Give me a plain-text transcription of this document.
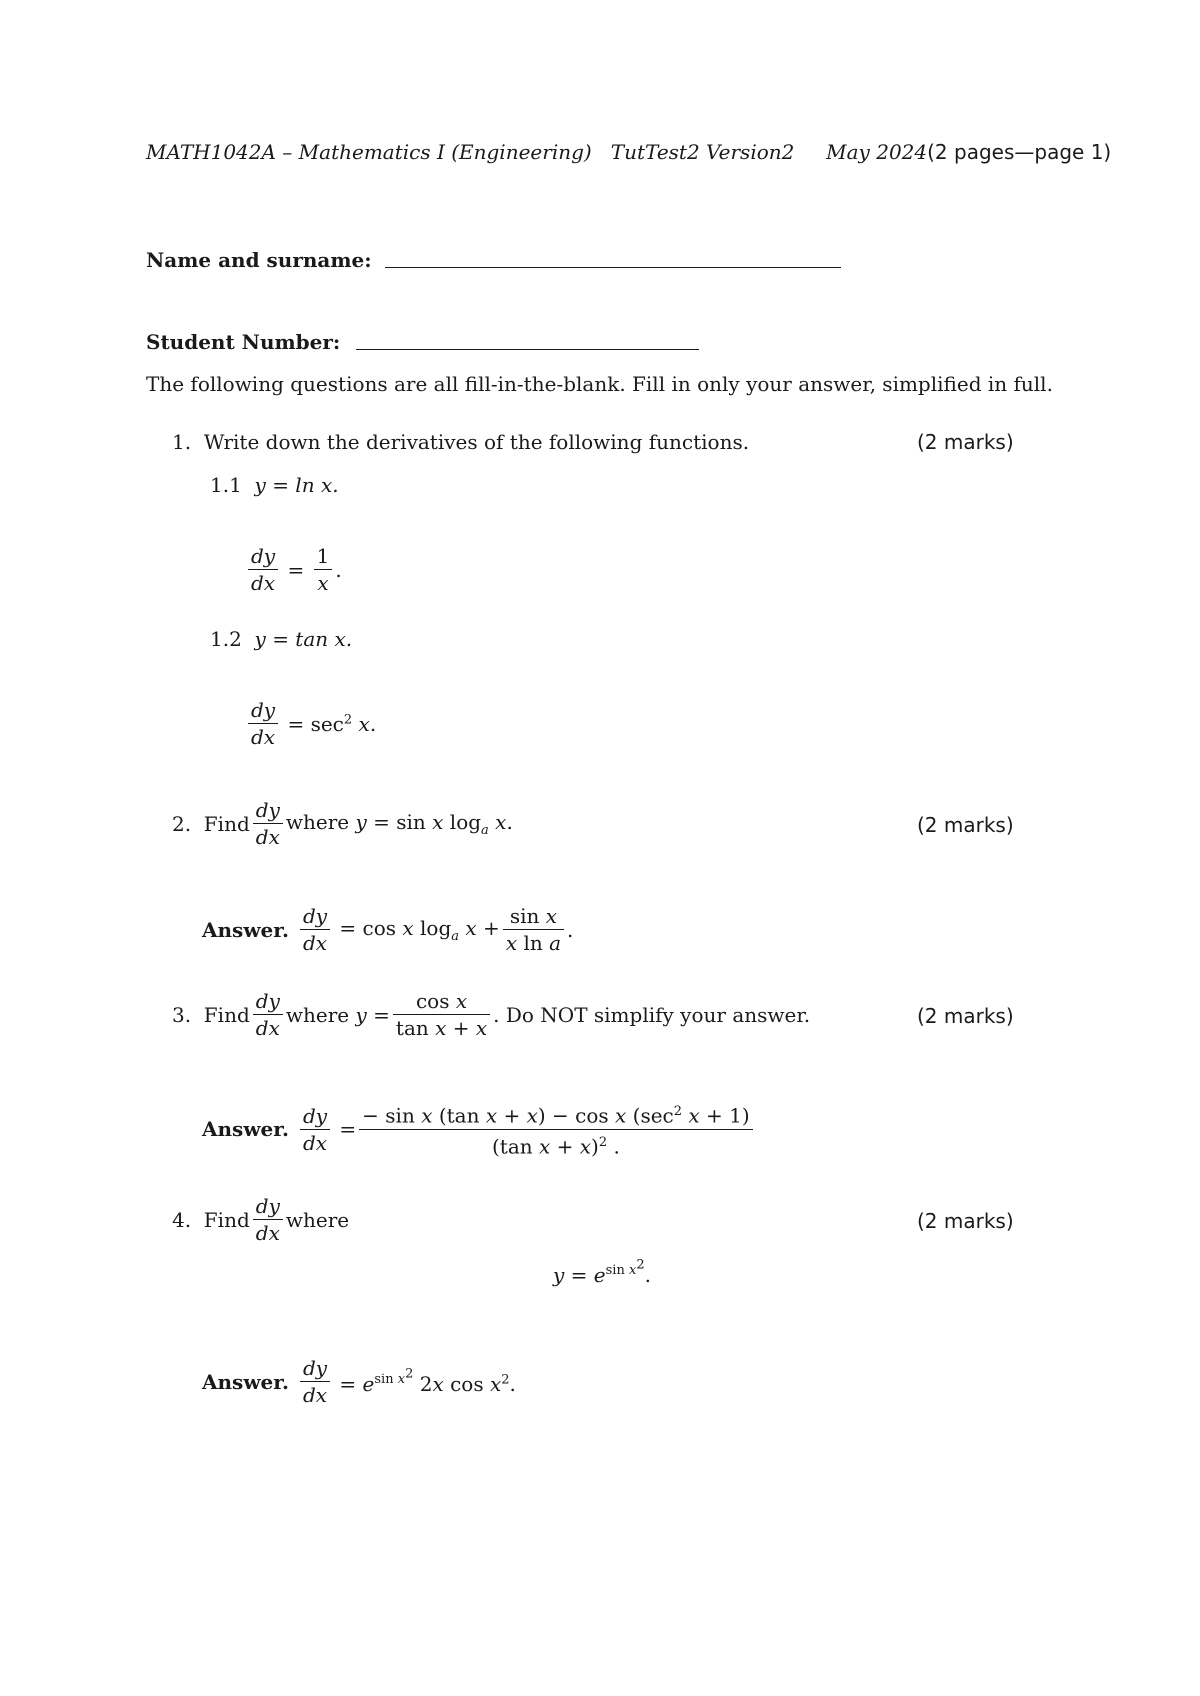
MATH1042A – Mathematics I (Engineering) TutTest2 Version2 May 2024(2 pages—page 1)
Name and surname:
Student Number:
The following questions are all fill-in-the-blank. Fill in only your answer, simplified in full.
1. Write down the derivatives of the following functions.	(2 marks)
1.1 y = ln x.
$\frac{dy}{dx} = \frac{1}{x}$ .
1.2 y = tan x.
$\frac{dy}{dx} = \sec^2 x$.
2.  Find $\frac{dy}{dx}$ where y = sin x $\log_a x$.	(2 marks)
Answer. $\frac{dy}{dx} = \cos x$ $\log_a x + \frac{\text{sin x}}{\text{x ln a}}$ .
3.  Find $\frac{dy}{dx}$ where $y = \frac{\text{cos x}}{\text{tan x + x}}$ . Do NOT simplify your answer.	(2 marks)
Answer. $\frac{dy}{dx} = \frac{- \sin x (\tan x + x) - \cos x (\sec^2 x + 1)}{(\tan x + x)^2 .}$
4.  Find $\frac{dy}{dx}$ where	(2 marks)
$y = e^{sin x^2}$.
Answer. $\frac{dy}{dx} = e^{sin x^2}$ 2x $\cos x^2$.
